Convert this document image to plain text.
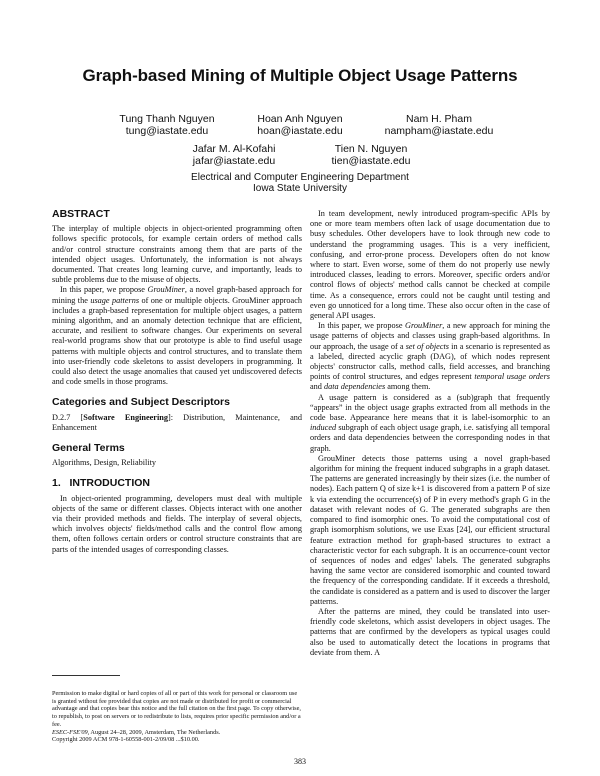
Graph-based Mining of Multiple Object Usage Patterns
Tung Thanh Nguyen
tung@iastate.edu
Hoan Anh Nguyen
hoan@iastate.edu
Nam H. Pham
nampham@iastate.edu
Jafar M. Al-Kofahi
jafar@iastate.edu
Tien N. Nguyen
tien@iastate.edu
Electrical and Computer Engineering Department
Iowa State University
ABSTRACT

The interplay of multiple objects in object-oriented programming often follows specific protocols, for example certain orders of method calls and/or control structure constraints among them that are parts of the intended object usages. Unfortunately, the information is not always documented. That creates long learning curve, and importantly, leads to subtle problems due to the misuse of objects.

In this paper, we propose GrouMiner, a novel graph-based approach for mining the usage patterns of one or multiple objects. GrouMiner approach includes a graph-based representation for multiple object usages, a pattern mining algorithm, and an anomaly detection technique that are efficient, accurate, and resilient to software changes. Our experiments on several real-world programs show that our prototype is able to find useful usage patterns with multiple objects and control structures, and to translate them into user-friendly code skeletons to assist developers in programming. It could also detect the usage anomalies that caused yet undiscovered defects and code smells in those programs.

Categories and Subject Descriptors

D.2.7 [Software Engineering]: Distribution, Maintenance, and Enhancement

General Terms

Algorithms, Design, Reliability

1.   INTRODUCTION

In object-oriented programming, developers must deal with multiple objects of the same or different classes. Objects interact with one another via their provided methods and fields. The interplay of several objects, which involves objects' fields/method calls and the control flow among them, often follows certain orders or control structure constraints that are parts of the intended usages of corresponding classes.

Permission to make digital or hard copies of all or part of this work for personal or classroom use is granted without fee provided that copies are not made or distributed for profit or commercial advantage and that copies bear this notice and the full citation on the first page. To copy otherwise, to republish, to post on servers or to redistribute to lists, requires prior specific permission and/or a fee.

ESEC-FSE'09, August 24–28, 2009, Amsterdam, The Netherlands.

Copyright 2009 ACM 978-1-60558-001-2/09/08 ...$10.00.

In team development, newly introduced program-specific APIs by one or more team members often lack of usage documentation due to busy schedules. Other developers have to look through new code to understand the programming usages. This is a very inefficient, confusing, and error-prone process. Developers often do not know where to start. Even worse, some of them do not properly use newly introduced classes, leading to errors. Moreover, specific orders and/or control flows of objects' method calls cannot be checked at compile time. As a consequence, errors could not be caught until testing and even go unnoticed for a long time. These also occur often in the case of general API usages.

In this paper, we propose GrouMiner, a new approach for mining the usage patterns of objects and classes using graph-based algorithms. In our approach, the usage of a set of objects in a scenario is represented as a labeled, directed acyclic graph (DAG), of which nodes represent objects' constructor calls, method calls, field accesses, and branching points of control structures, and edges represent temporal usage orders and data dependencies among them.

A usage pattern is considered as a (sub)graph that frequently “appears” in the object usage graphs extracted from all methods in the code base. Appearance here means that it is label-isomorphic to an induced subgraph of each object usage graph, i.e. satisfying all temporal orders and data dependencies between the corresponding nodes in that graph.

GrouMiner detects those patterns using a novel graph-based algorithm for mining the frequent induced subgraphs in a graph dataset. The patterns are generated increasingly by their sizes (i.e. the number of nodes). Each pattern Q of size k+1 is discovered from a pattern P of size k via extending the occurrence(s) of P in every method's graph G in the dataset with relevant nodes of G. The generated subgraphs are then compared to find isomorphic ones. To avoid the computational cost of graph isomorphism solutions, we use Exas [24], our efficient structural feature extraction method for graph-based structures to extract a characteristic vector for each subgraph. It is an occurrence-count vector of sequences of nodes and edges' labels. The generated subgraphs having the same vector are considered isomorphic and counted toward the frequency of the corresponding candidate. If it exceeds a threshold, the candidate is considered as a pattern and is used to discover the larger patterns.

After the patterns are mined, they could be translated into user-friendly code skeletons, which assist developers in object usages. The patterns that are confirmed by the developers as typical usages could also be used to automatically detect the locations in programs that deviate from them. A

383
